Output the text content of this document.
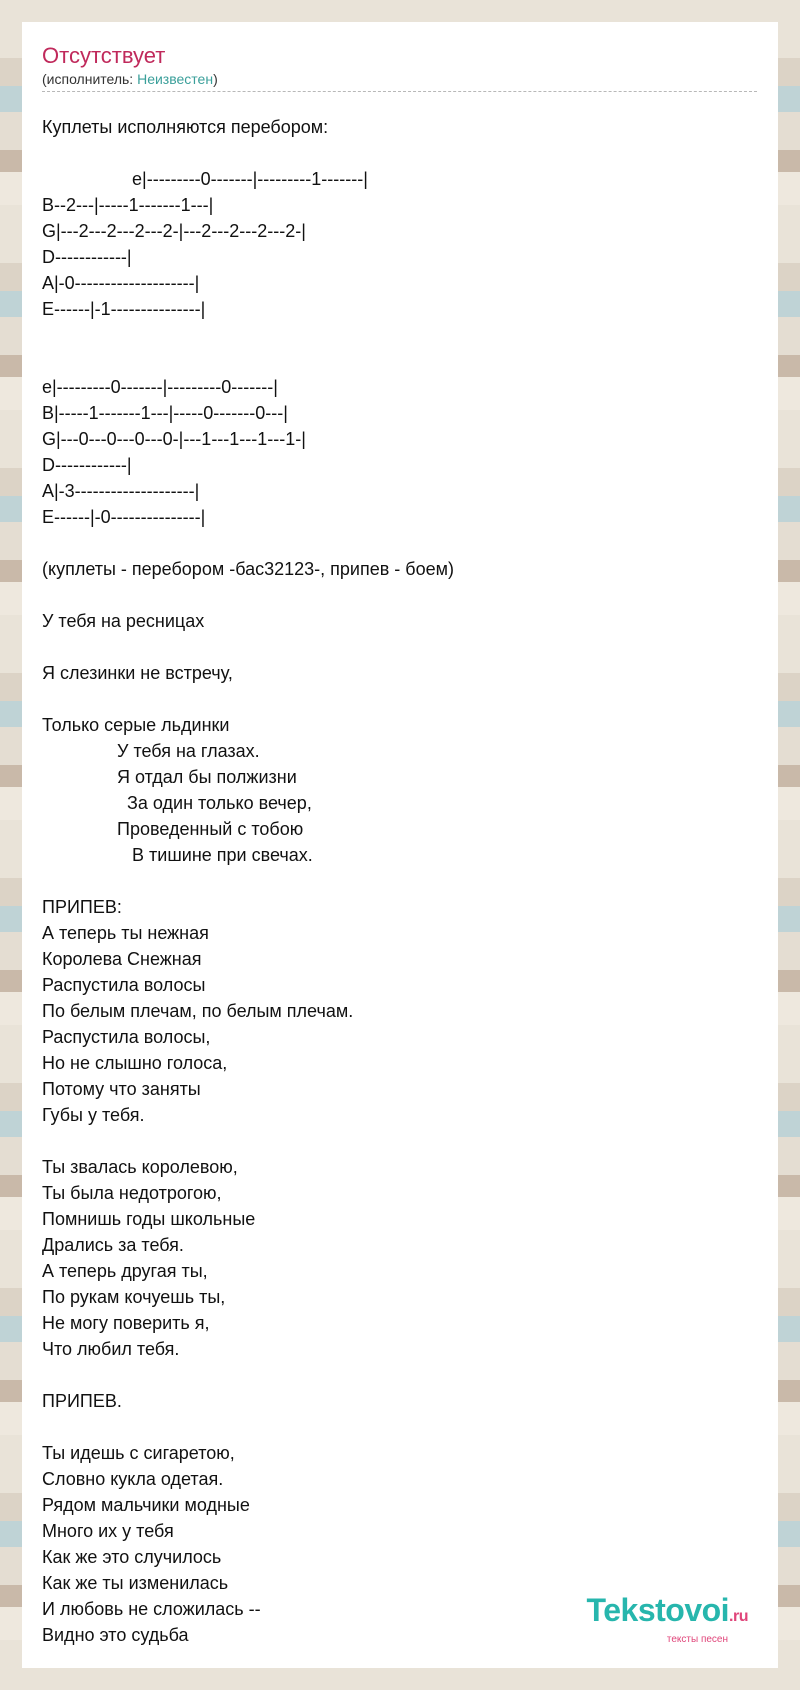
Отсутствует
(исполнитель: Неизвестен)
Куплеты исполняются перебором:
e|---------0-------|---------1-------|
B--2---|-----1-------1---|
G|---2---2---2---2-|---2---2---2---2-|
D------------|
A|-0--------------------|
E------|-1---------------|
e|---------0-------|---------0-------|
B|-----1-------1---|-----0-------0---|
G|---0---0---0---0-|---1---1---1---1-|
D------------|
A|-3--------------------|
E------|-0---------------|
(куплеты - перебором -бас32123-, припев - боем)
У тебя на ресницах
Я слезинки не встречу,
Только серые льдинки
У тебя на глазах.
Я отдал бы полжизни
За один только вечер,
Проведенный с тобою
В тишине при свечах.
ПРИПЕВ:
А теперь ты нежная
Королева Снежная
Распустила волосы
По белым плечам, по белым плечам.
Распустила волосы,
Но не слышно голоса,
Потому что заняты
Губы у тебя.
Ты звалась королевою,
Ты была недотрогою,
Помнишь годы школьные
Дрались за тебя.
А теперь другая ты,
По рукам кочуешь ты,
Не могу поверить я,
Что любил тебя.
ПРИПЕВ.
Ты идешь с сигаретою,
Словно кукла одетая.
Рядом мальчики модные
Много их у тебя
Как же это случилось
Как же ты изменилась
И любовь не сложилась --
Видно это судьба
Tekstovoi.ru
тексты песен
